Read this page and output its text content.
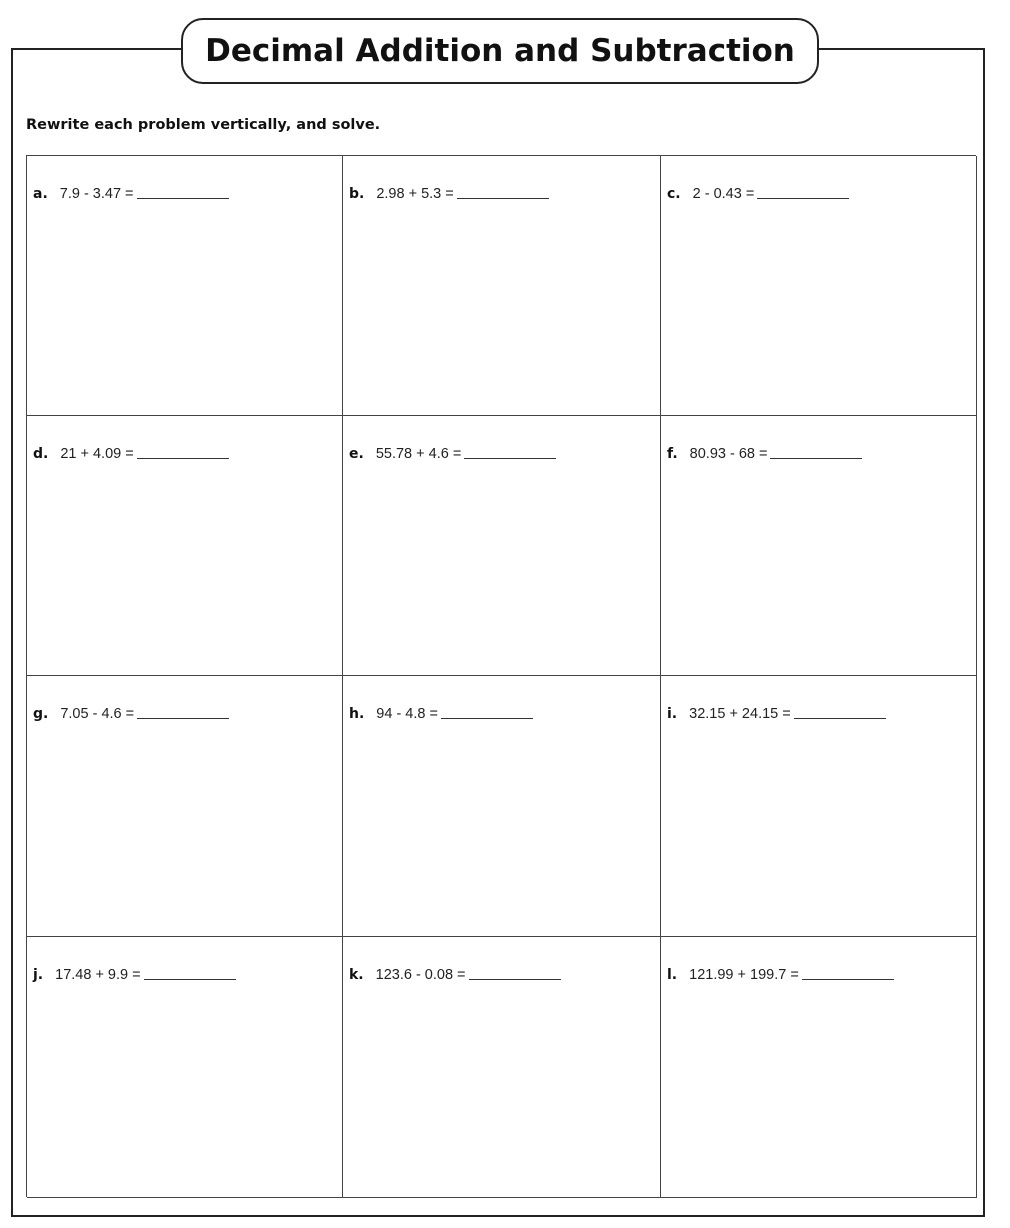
Decimal Addition and Subtraction
Rewrite each problem vertically, and solve.
a. 7.9 - 3.47 =	b. 2.98 + 5.3 =	c. 2 - 0.43 =
d. 21 + 4.09 =	e. 55.78 + 4.6 =	f. 80.93 - 68 =
g. 7.05 - 4.6 =	h. 94 - 4.8 =	i. 32.15 + 24.15 =
j. 17.48 + 9.9 =	k. 123.6 - 0.08 =	l. 121.99 + 199.7 =
